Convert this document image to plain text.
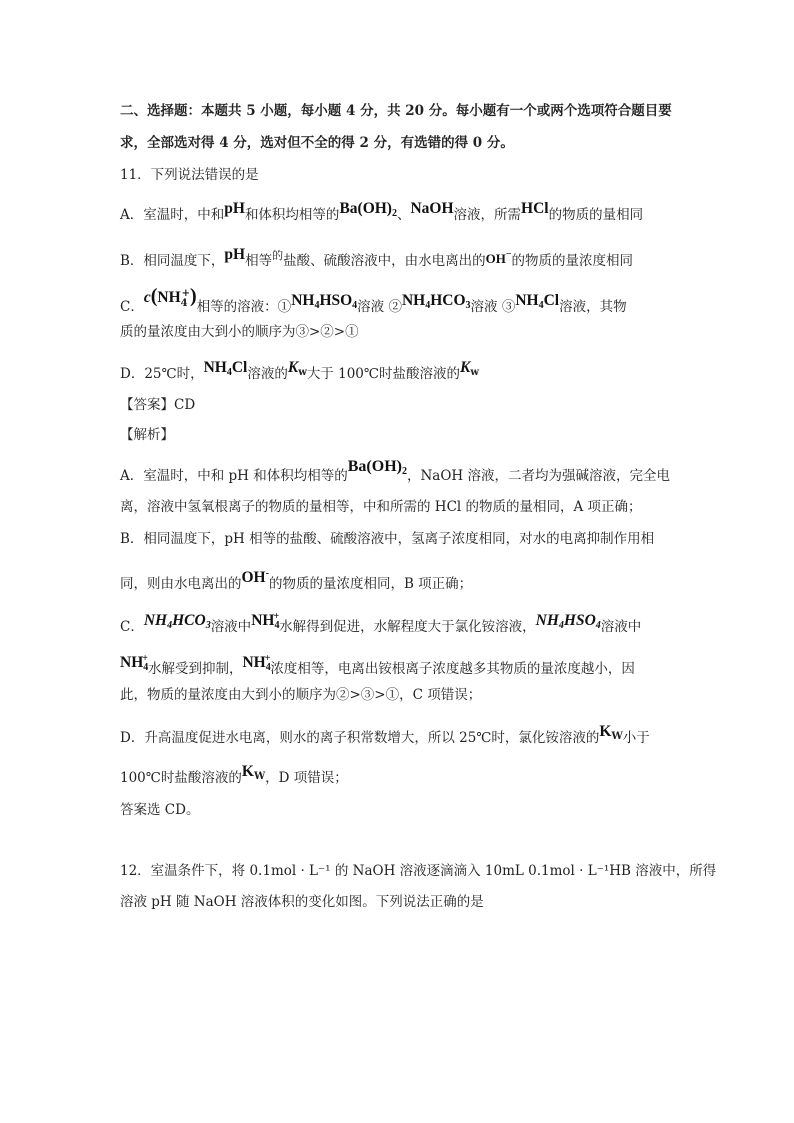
二、选择题：本题共 5 小题，每小题 4 分，共 20 分。每小题有一个或两个选项符合题目要
求，全部选对得 4 分，选对但不全的得 2 分，有选错的得 0 分。
11．下列说法错误的是
A．室温时，中和pH和体积均相等的$Ba(OH)_2$、NaOH溶液，所需HCl的物质的量相同
B．相同温度下，pH相等$^的$盐酸、硫酸溶液中，由水电离出的OH−的物质的量浓度相同
C．$c(NH_4^+)$相等的溶液：$①NH_4HSO_4$溶液 $②NH_4HCO_3$溶液 $③NH_4Cl$溶液，其物
质的量浓度由大到小的顺序为③>②>①
D．25℃时，$NH_4Cl$溶液的$K_w$大于 100℃时盐酸溶液的$K_w$
【答案】CD
【解析】
A．室温时，中和 pH 和体积均相等的$Ba(OH)_2$，NaOH 溶液，二者均为强碱溶液，完全电
离，溶液中氢氧根离子的物质的量相等，中和所需的 HCl 的物质的量相同，A 项正确；
B．相同温度下，pH 相等的盐酸、硫酸溶液中，氢离子浓度相同，对水的电离抑制作用相
同，则由水电离出的OH-的物质的量浓度相同，B 项正确；
C．$NH_4HCO_3$溶液中$NH_4^+$水解得到促进，水解程度大于氯化铵溶液，$NH_4HSO_4$溶液中
$NH_4^+$水解受到抑制，$NH_4^+$浓度相等，电离出铵根离子浓度越多其物质的量浓度越小，因
此，物质的量浓度由大到小的顺序为②>③>①，C 项错误；
D．升高温度促进水电离，则水的离子积常数增大，所以 25℃时，氯化铵溶液的$K_W$小于
100℃时盐酸溶液的$K_W$，D 项错误；
答案选 CD。
12．室温条件下，将 0.1mol · L⁻¹ 的 NaOH 溶液逐滴滴入 10mL 0.1mol · L⁻¹HB 溶液中，所得
溶液 pH 随 NaOH 溶液体积的变化如图。下列说法正确的是
